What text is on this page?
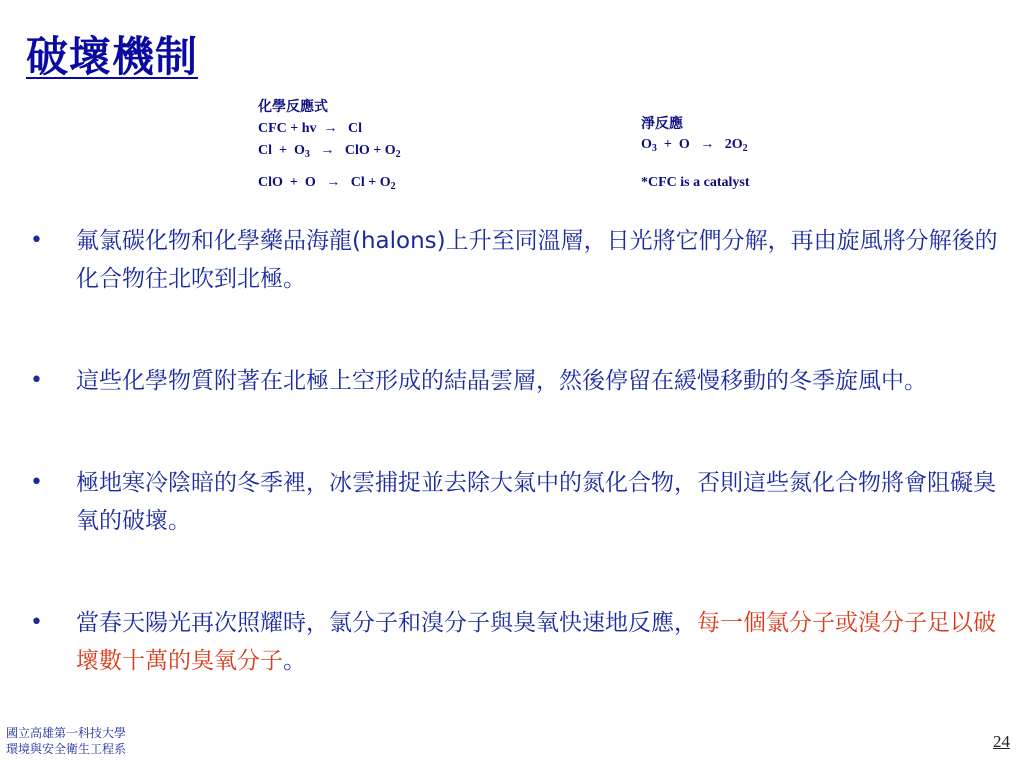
破壞機制
化學反應式
CFC + hv → Cl
$Cl + O_3$ → ClO + $O_2$
ClO + $O \to Cl + O_2$
淨反應
$O_3 + O \to 2O_2$
*CFC is a catalyst

• 氟氯碳化物和化學藥品海龍(halons)上升至同溫層，日光將它們分解，再由旋風將分解後的化合物往北吹到北極。

• 這些化學物質附著在北極上空形成的結晶雲層，然後停留在緩慢移動的冬季旋風中。

• 極地寒冷陰暗的冬季裡，冰雲捕捉並去除大氣中的氮化合物，否則這些氮化合物將會阻礙臭氧的破壞。

• 當春天陽光再次照耀時，氯分子和溴分子與臭氧快速地反應，每一個氯分子或溴分子足以破壞數十萬的臭氧分子。

國立高雄第一科技大學
環境與安全衛生工程系	24
